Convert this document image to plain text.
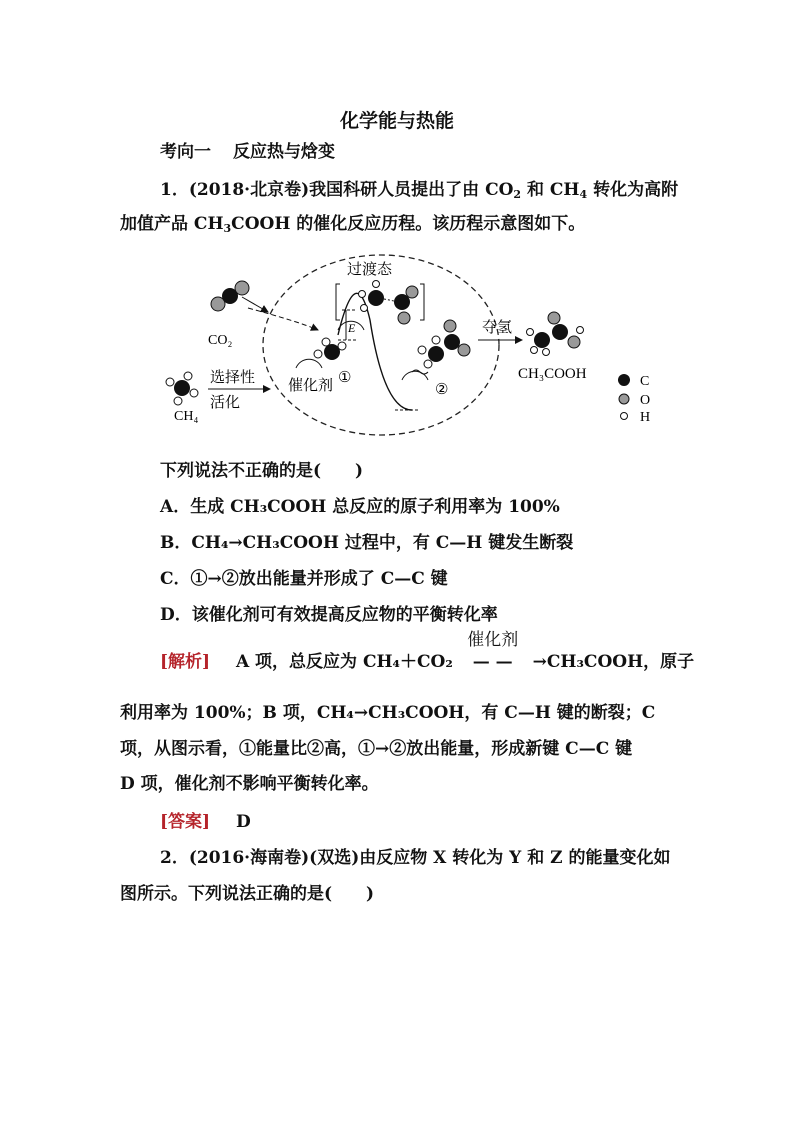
化学能与热能
考向一 反应热与焓变
1．(2018·北京卷)我国科研人员提出了由 $CO_2$ 和 $CH_4$ 转化为高附
加值产品 $CH_3COOH$ 的催化反应历程。该历程示意图如下。
CO₂
CH₄
选择性
活化
E
过渡态
催化剂 ①
②
夺氢
CH₃COOH	C
O
H
下列说法不正确的是(　　)
A．生成 CH₃COOH 总反应的原子利用率为 100%
B．CH₄→CH₃COOH 过程中，有 C—H 键发生断裂
C．①→②放出能量并形成了 C—C 键
D．该催化剂可有效提高反应物的平衡转化率
[解析] A 项，总反应为 CH₄＋CO₂
催化剂
— — →CH₃COOH，原子
利用率为 100%；B 项，CH₄→CH₃COOH，有 C—H 键的断裂；C
项，从图示看，①能量比②高，①→②放出能量，形成新键 C—C 键
D 项，催化剂不影响平衡转化率。
[答案] D
2．(2016·海南卷)(双选)由反应物 X 转化为 Y 和 Z 的能量变化如
图所示。下列说法正确的是(　　)
